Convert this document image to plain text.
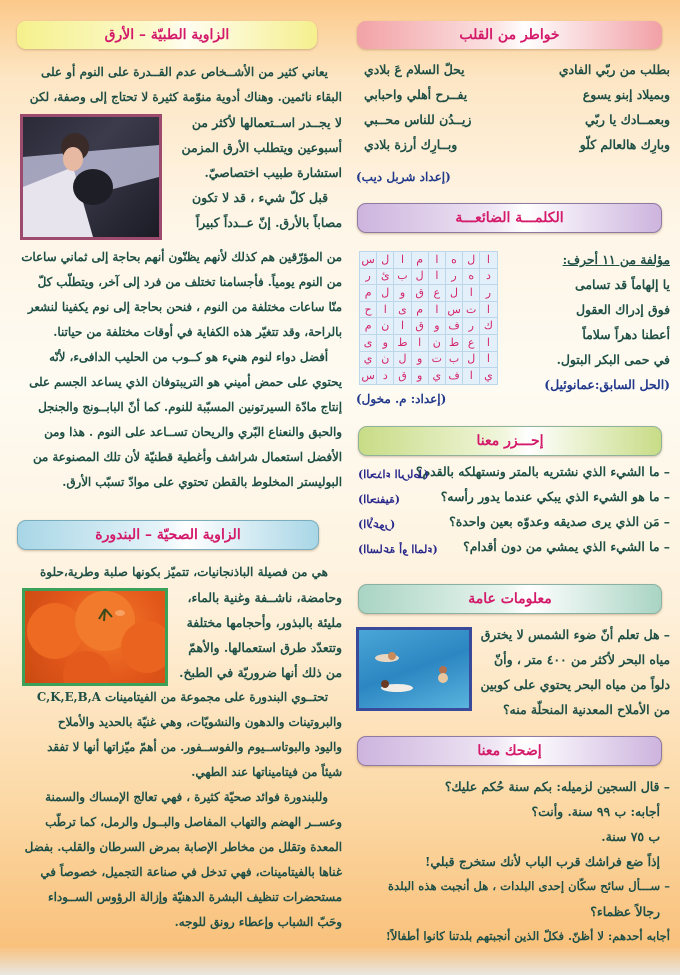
خواطر من القلب
بطلب من ربّي الفادي
يحلّ السلام عَ بلادي
وبميلاد إبنو يسوع
يفــرح أهلي واحبابي
وبعمــادك يا ربّي
زيــدُن للناس محــبي
وبارِك هالعالم كلّو
وبــارِك أرزة بلادي
(إعداد شربل ديب)
الكلمـــة الضائعـــة
مؤلفة من ١١ أحرف:
يا إلهاماً قد تسامى
فوق إدراك العقول
أعطنا دهراً سلاماً
في حمى البكر البتول.
(الحل السابق:عمانوئيل)
ا	ل	ه	ا	م	ا	ل	س
د	ه	ر	ا	ل	ب	ئ	ر
ر	ا	ل	ع	ق	و	ل	م
ا	ت	س	ا	م	ى	ا	ح
ك	ر	ف	و	ق	ا	ن	م
ا	ع	ط	ن	ا	ط	و	ى
ا	ل	ب	ت	و	ل	ن	ي
ي	ا	ف	ي	و	ق	د	س
(إعداد: م. مخول)
إحـــزر معنا
– ما الشيء الذي نشتريه بالمتر ونستهلكه بالقدم؟
(الحذاء الرباط)
– ما هو الشيء الذي يبكي عندما يدور رأسه؟
(الحنفية)
– مَن الذي يرى صديقه وعدوّه بعين واحدة؟
(الأعور)
– ما الشيء الذي يمشي من دون أقدام؟
(الساعة أو الماء)
معلومات عامة
– هل تعلم أنّ ضوء الشمس لا يخترق
مياه البحر لأكثر من ٤٠٠ متر ، وأنّ
دلواً من مياه البحر يحتوي على كوبين
من الأملاح المعدنية المنحلّة منه؟
إضحك معنا
– قال السجين لزميله: بكم سنة حُكم عليك؟
أجابه: ب ٩٩ سنة. وأنت؟
ب ٧٥ سنة.
إذاً ضع فراشك قرب الباب لأنك ستخرج قبلي!
– ســـأل سائح سكّان إحدى البلدات ، هل أنجبت هذه البلدة
رجالاً عظماء؟
أجابه أحدهم: لا أظنّ. فكلّ الذين أنجبتهم بلدتنا كانوا أطفالاً!
الزاوية الطبيّة – الأرق
يعاني كثير من الأشــخاص عدم القــدرة على النوم أو على
البقاء نائمين. وهناك أدوية منوّمة كثيرة لا تحتاج إلى وصفة، لكن
لا يجــدر اســتعمالها لأكثر من
أسبوعين ويتطلب الأرق المزمن
استشارة طبيب اختصاصيّ.
قبل كلّ شيء ، قد لا تكون
مصاباً بالأرق. إنّ عــدداً كبيراً
من المؤرّقين هم كذلك لأنهم يظنّون أنهم بحاجة إلى ثماني ساعات
من النوم يومياً. فأجسامنا تختلف من فرد إلى آخر، ويتطلّب كلّ
منّا ساعات مختلفة من النوم ، فنحن بحاجة إلى نوم يكفينا لنشعر
بالراحة، وقد تتغيّر هذه الكفاية في أوقات مختلفة من حياتنا.
أفضل دواء لنوم هنيء هو كــوب من الحليب الدافىء، لأنّه
يحتوي على حمض أميني هو التريبتوفان الذي يساعد الجسم على
إنتاج مادّة السيرتونين المسبّبة للنوم. كما أنّ البابــونج والجنجل
والحبق والنعناع البّري والريحان تســاعد على النوم . هذا ومن
الأفضل استعمال شراشف وأغطية قطنيّة لأن تلك المصنوعة من
البوليستر المخلوط بالقطن تحتوي على موادّ تسبّب الأرق.
الزاوية الصحيّة – البندورة
هي من فصيلة الباذنجانيات، تتميّز بكونها صلبة وطرية،حلوة
وحامضة، ناشــفة وغنية بالماء،
مليئة بالبذور، وأحجامها مختلفة
وتتعدّد طرق استعمالها. والأهمّ
من ذلك أنها ضروريّة في الطبخ.
تحتــوي البندورة على مجموعة من الفيتامينات C,K,E,B,A
والبروتينات والدهون والنشويّات، وهي غنيّة بالحديد والأملاح
واليود والبوتاســيوم والفوســفور. من أهمّ ميّزاتها أنها لا تفقد
شيئاً من فيتاميناتها عند الطهي.
وللبندورة فوائد صحيّة كثيرة ، فهي تعالج الإمساك والسمنة
وعســر الهضم والتهاب المفاصل والبــول والرمل، كما ترطّب
المعدة وتقلل من مخاطر الإصابة بمرض السرطان والقلب. بفضل
غناها بالفيتامينات، فهي تدخل في صناعة التجميل، خصوصاً في
مستحضرات تنظيف البشرة الدهنيّة وإزالة الرؤوس الســوداء
وحَبّ الشباب وإعطاء رونق للوجه.
